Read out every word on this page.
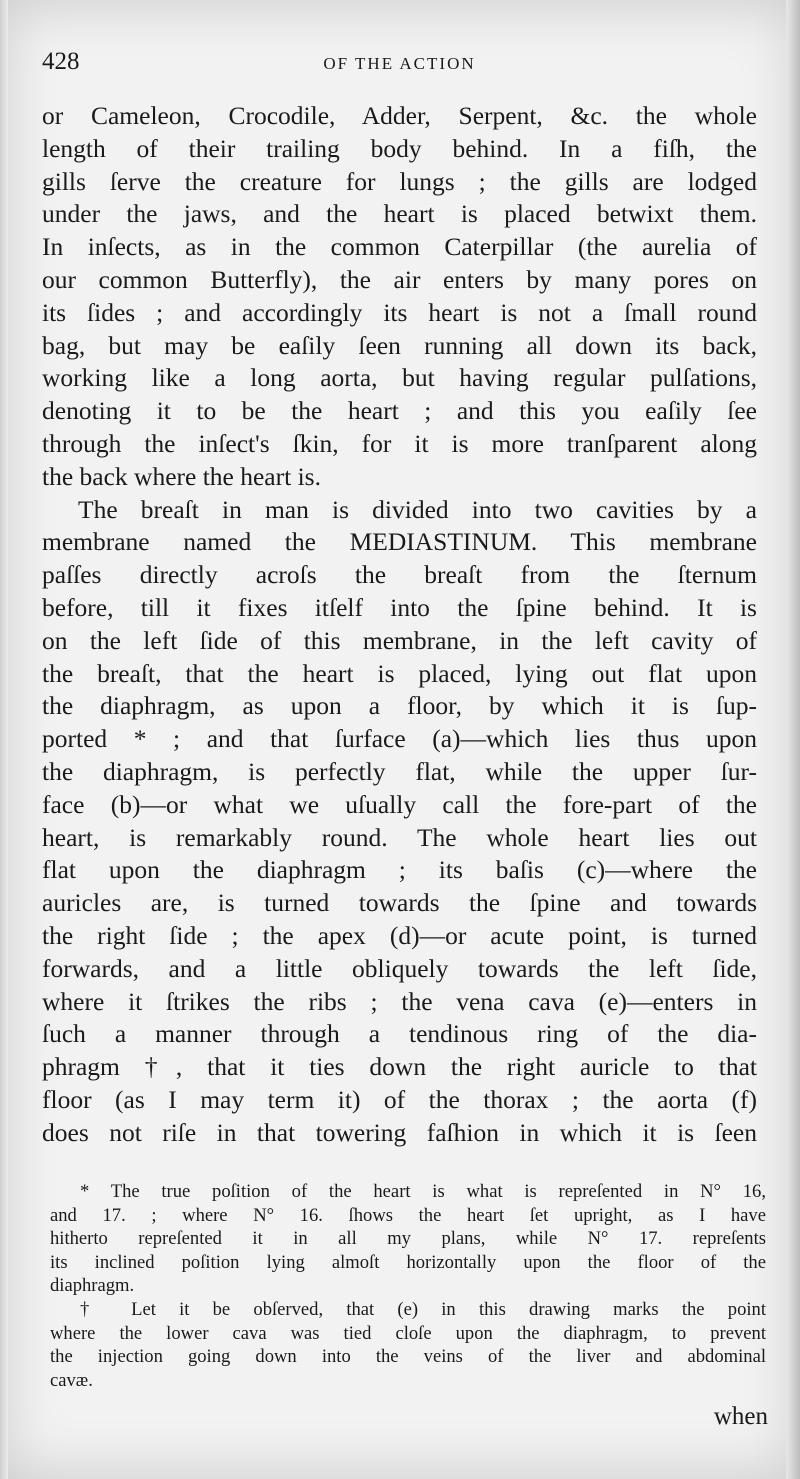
428	OF THE ACTION
or Cameleon, Crocodile, Adder, Serpent, &c. the whole
length of their trailing body behind. In a fiſh, the
gills ſerve the creature for lungs ; the gills are lodged
under the jaws, and the heart is placed betwixt them.
In inſects, as in the common Caterpillar (the aurelia of
our common Butterfly), the air enters by many pores on
its ſides ; and accordingly its heart is not a ſmall round
bag, but may be eaſily ſeen running all down its back,
working like a long aorta, but having regular pulſations,
denoting it to be the heart ; and this you eaſily ſee
through the inſect's ſkin, for it is more tranſparent along
the back where the heart is.
The breaſt in man is divided into two cavities by a
membrane named the MEDIASTINUM. This membrane
paſſes directly acroſs the breaſt from the ſternum
before, till it fixes itſelf into the ſpine behind. It is
on the left ſide of this membrane, in the left cavity of
the breaſt, that the heart is placed, lying out flat upon
the diaphragm, as upon a floor, by which it is ſup-
ported * ; and that ſurface (a)—which lies thus upon
the diaphragm, is perfectly flat, while the upper ſur-
face (b)—or what we uſually call the fore-part of the
heart, is remarkably round. The whole heart lies out
flat upon the diaphragm ; its baſis (c)—where the
auricles are, is turned towards the ſpine and towards
the right ſide ; the apex (d)—or acute point, is turned
forwards, and a little obliquely towards the left ſide,
where it ſtrikes the ribs ; the vena cava (e)—enters in
ſuch a manner through a tendinous ring of the dia-
phragm †, that it ties down the right auricle to that
floor (as I may term it) of the thorax ; the aorta (f)
does not riſe in that towering faſhion in which it is ſeen
* The true poſition of the heart is what is repreſented in N° 16,
and 17. ; where N° 16. ſhows the heart ſet upright, as I have
hitherto repreſented it in all my plans, while N° 17. repreſents
its inclined poſition lying almoſt horizontally upon the floor of the
diaphragm.
† Let it be obſerved, that (e) in this drawing marks the point
where the lower cava was tied cloſe upon the diaphragm, to prevent
the injection going down into the veins of the liver and abdominal
cavæ.
when
